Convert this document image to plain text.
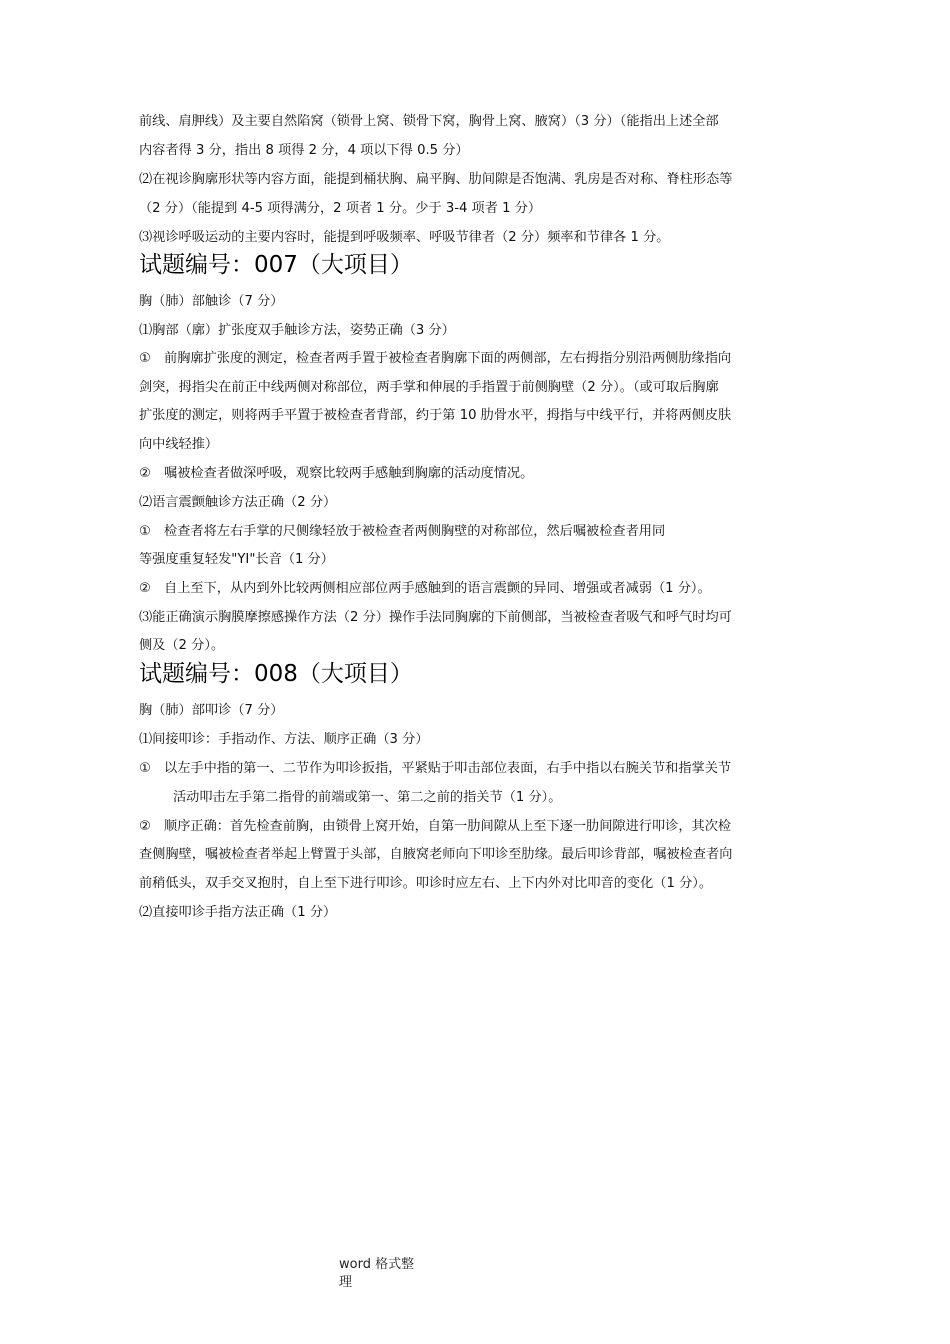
前线、肩胛线）及主要自然陷窝（锁骨上窝、锁骨下窝，胸骨上窝、腋窝）（3 分）（能指出上述全部
内容者得 3 分，指出 8 项得 2 分，4 项以下得 0.5 分）
⑵在视诊胸廓形状等内容方面，能提到桶状胸、扁平胸、肋间隙是否饱满、乳房是否对称、脊柱形态等
（2 分）（能提到 4-5 项得满分，2 项者 1 分。少于 3-4 项者 1 分）
⑶视诊呼吸运动的主要内容时，能提到呼吸频率、呼吸节律者（2 分）频率和节律各 1 分。
试题编号：007（大项目）
胸（肺）部触诊（7 分）
⑴胸部（廓）扩张度双手触诊方法，姿势正确（3 分）
①　前胸廓扩张度的测定，检查者两手置于被检查者胸廓下面的两侧部，左右拇指分别沿两侧肋缘指向
剑突，拇指尖在前正中线两侧对称部位，两手掌和伸展的手指置于前侧胸壁（2 分）。（或可取后胸廓
扩张度的测定，则将两手平置于被检查者背部，约于第 10 肋骨水平，拇指与中线平行，并将两侧皮肤
向中线轻推）
②　嘱被检查者做深呼吸，观察比较两手感触到胸廓的活动度情况。
⑵语言震颤触诊方法正确（2 分）
①　检查者将左右手掌的尺侧缘轻放于被检查者两侧胸壁的对称部位，然后嘱被检查者用同
等强度重复轻发"YI"长音（1 分）
②　自上至下，从内到外比较两侧相应部位两手感触到的语言震颤的异同、增强或者减弱（1 分）。
⑶能正确演示胸膜摩擦感操作方法（2 分）操作手法同胸廓的下前侧部，当被检查者吸气和呼气时均可
侧及（2 分）。
试题编号：008（大项目）
胸（肺）部叩诊（7 分）
⑴间接叩诊：手指动作、方法、顺序正确（3 分）
①　以左手中指的第一、二节作为叩诊扳指，平紧贴于叩击部位表面，右手中指以右腕关节和指掌关节
活动叩击左手第二指骨的前端或第一、第二之前的指关节（1 分）。
②　顺序正确：首先检查前胸，由锁骨上窝开始，自第一肋间隙从上至下逐一肋间隙进行叩诊，其次检
查侧胸壁，嘱被检查者举起上臂置于头部，自腋窝老师向下叩诊至肋缘。最后叩诊背部，嘱被检查者向
前稍低头，双手交叉抱肘，自上至下进行叩诊。叩诊时应左右、上下内外对比叩音的变化（1 分）。
⑵直接叩诊手指方法正确（1 分）
word 格式整
理
